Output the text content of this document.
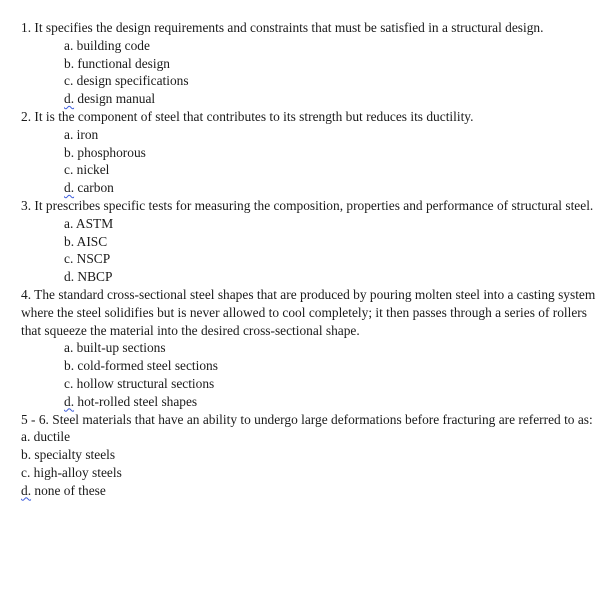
1. It specifies the design requirements and constraints that must be satisfied in a structural design.
a. building code
b. functional design
c. design specifications
d. design manual
2. It is the component of steel that contributes to its strength but reduces its ductility.
a. iron
b. phosphorous
c. nickel
d. carbon
3. It prescribes specific tests for measuring the composition, properties and performance of structural steel.
a. ASTM
b. AISC
c. NSCP
d. NBCP
4. The standard cross-sectional steel shapes that are produced by pouring molten steel into a casting system where the steel solidifies but is never allowed to cool completely; it then passes through a series of rollers that squeeze the material into the desired cross-sectional shape.
a. built-up sections
b. cold-formed steel sections
c. hollow structural sections
d. hot-rolled steel shapes
5 - 6. Steel materials that have an ability to undergo large deformations before fracturing are referred to as:
a. ductile
b. specialty steels
c. high-alloy steels
d. none of these
